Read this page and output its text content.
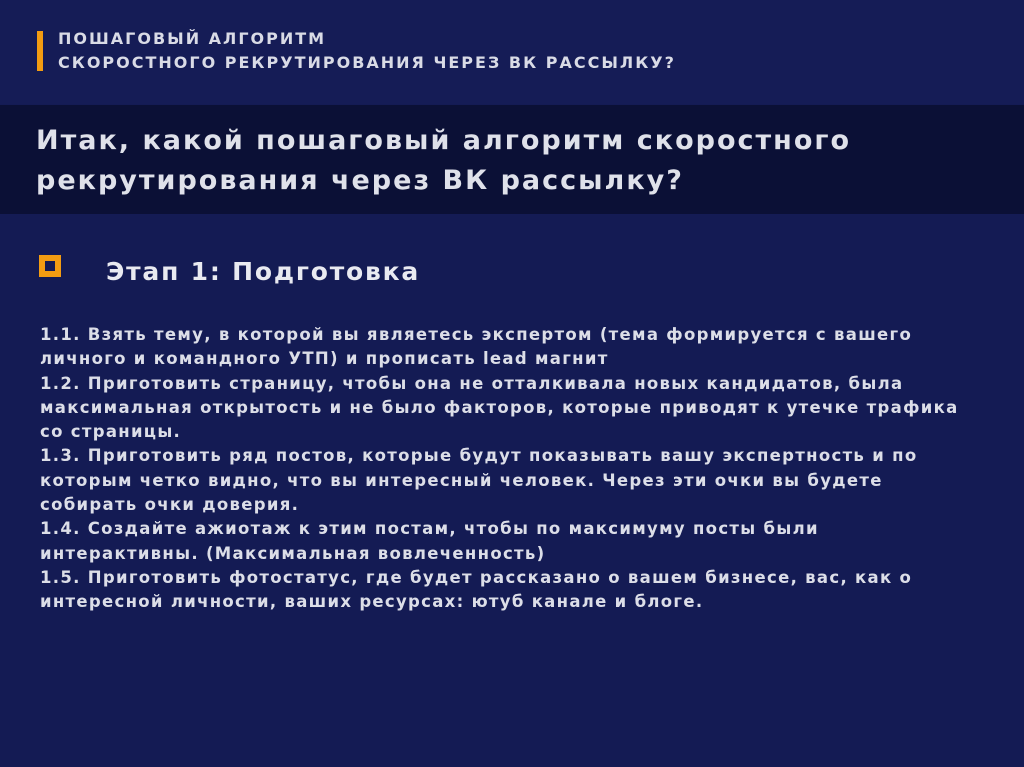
ПОШАГОВЫЙ АЛГОРИТМ
СКОРОСТНОГО РЕКРУТИРОВАНИЯ ЧЕРЕЗ ВК РАССЫЛКУ?
Итак, какой пошаговый алгоритм скоростного
рекрутирования через ВК рассылку?
Этап 1: Подготовка
1.1. Взять тему, в которой вы являетесь экспертом (тема формируется с вашего
личного и командного УТП) и прописать lead магнит
1.2. Приготовить страницу, чтобы она не отталкивала новых кандидатов, была
максимальная открытость и не было факторов, которые приводят к утечке трафика
со страницы.
1.3. Приготовить ряд постов, которые будут показывать вашу экспертность и по
которым четко видно, что вы интересный человек. Через эти очки вы будете
собирать очки доверия.
1.4. Создайте ажиотаж к этим постам, чтобы по максимуму посты были
интерактивны. (Максимальная вовлеченность)
1.5. Приготовить фотостатус, где будет рассказано о вашем бизнесе, вас, как о
интересной личности, ваших ресурсах: ютуб канале и блоге.
